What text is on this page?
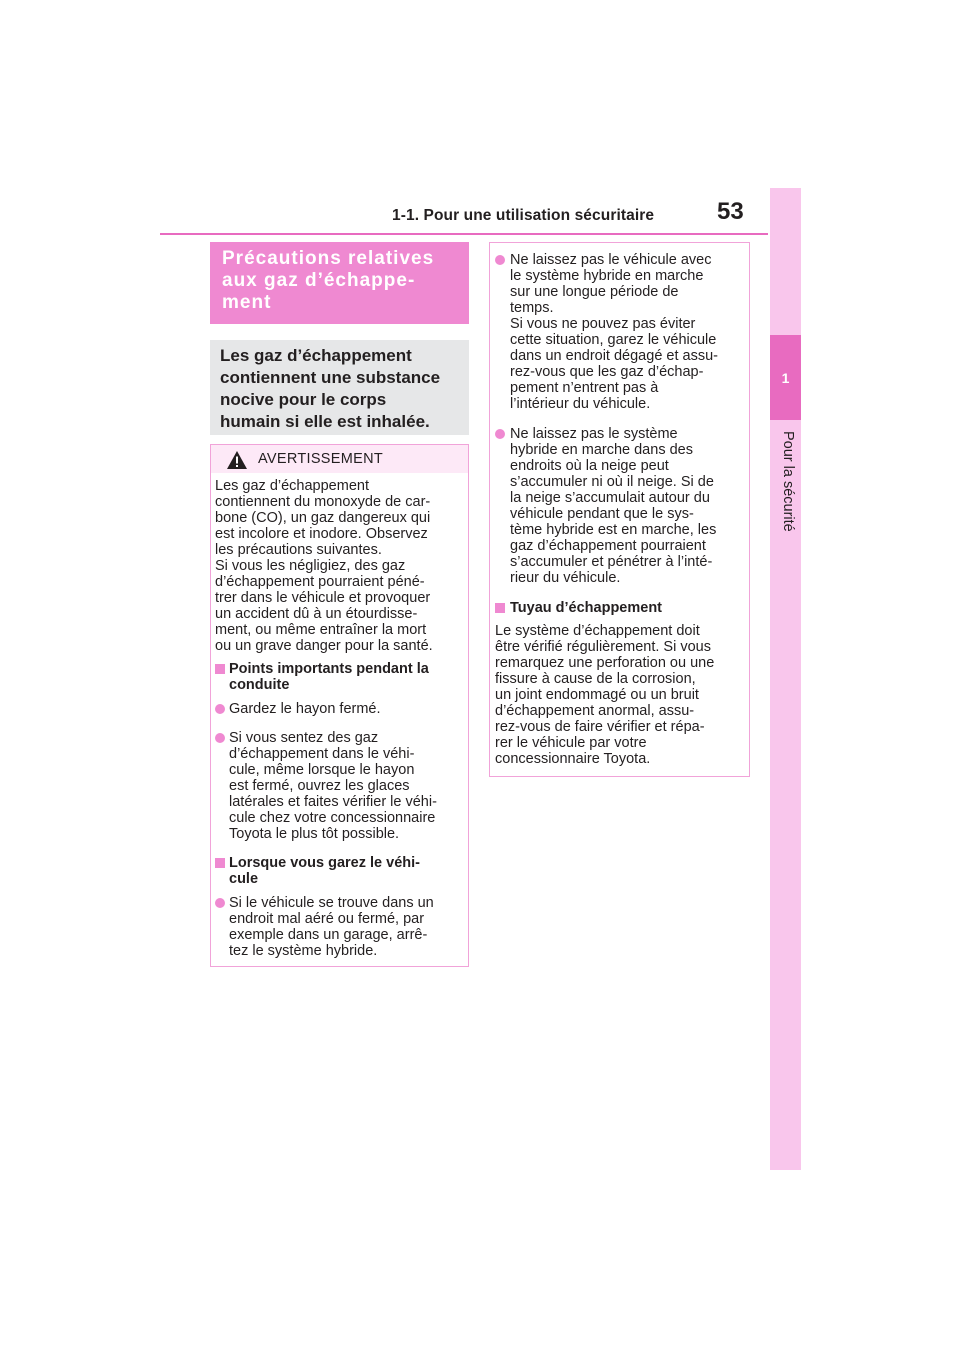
1-1. Pour une utilisation sécuritaire	53
1
Pour la sécurité
Précautions relatives
aux gaz d’échappe-
ment
Les gaz d’échappement
contiennent une substance
nocive pour le corps
humain si elle est inhalée.
AVERTISSEMENT
Les gaz d’échappement
contiennent du monoxyde de car-
bone (CO), un gaz dangereux qui
est incolore et inodore. Observez
les précautions suivantes.
Si vous les négligiez, des gaz
d’échappement pourraient péné-
trer dans le véhicule et provoquer
un accident dû à un étourdisse-
ment, ou même entraîner la mort
ou un grave danger pour la santé.
Points importants pendant la
conduite
Gardez le hayon fermé.
Si vous sentez des gaz
d’échappement dans le véhi-
cule, même lorsque le hayon
est fermé, ouvrez les glaces
latérales et faites vérifier le véhi-
cule chez votre concessionnaire
Toyota le plus tôt possible.
Lorsque vous garez le véhi-
cule
Si le véhicule se trouve dans un
endroit mal aéré ou fermé, par
exemple dans un garage, arrê-
tez le système hybride.
Ne laissez pas le véhicule avec
le système hybride en marche
sur une longue période de
temps.
Si vous ne pouvez pas éviter
cette situation, garez le véhicule
dans un endroit dégagé et assu-
rez-vous que les gaz d’échap-
pement n’entrent pas à
l’intérieur du véhicule.
Ne laissez pas le système
hybride en marche dans des
endroits où la neige peut
s’accumuler ni où il neige. Si de
la neige s’accumulait autour du
véhicule pendant que le sys-
tème hybride est en marche, les
gaz d’échappement pourraient
s’accumuler et pénétrer à l’inté-
rieur du véhicule.
Tuyau d’échappement
Le système d’échappement doit
être vérifié régulièrement. Si vous
remarquez une perforation ou une
fissure à cause de la corrosion,
un joint endommagé ou un bruit
d’échappement anormal, assu-
rez-vous de faire vérifier et répa-
rer le véhicule par votre
concessionnaire Toyota.
